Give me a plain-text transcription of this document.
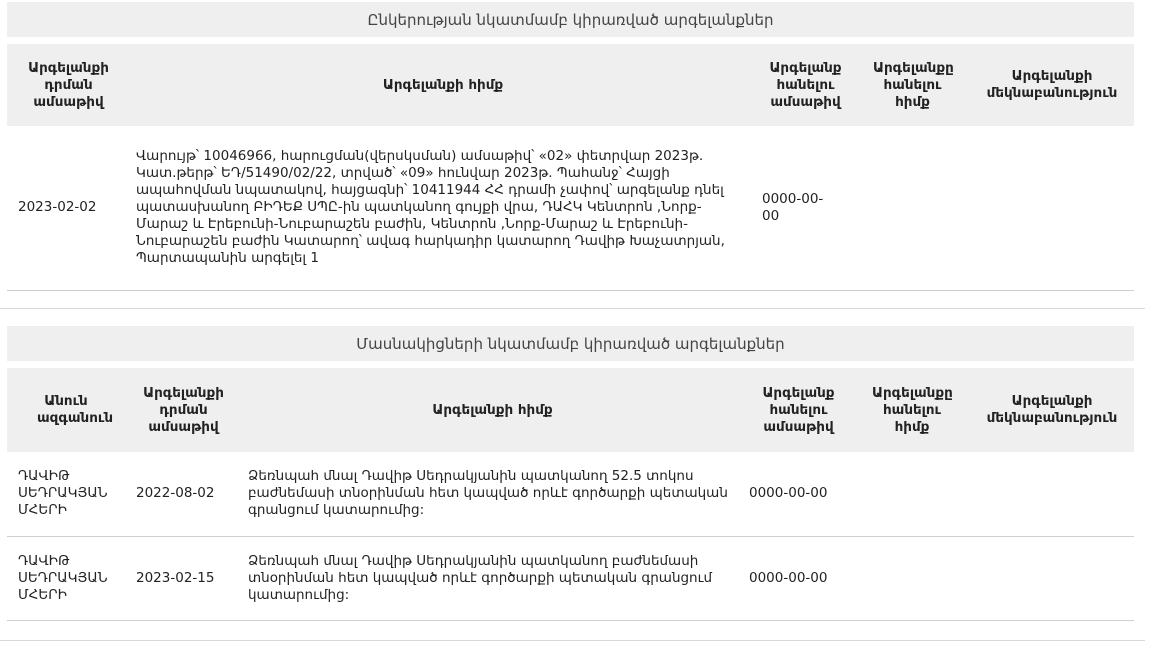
Ընկերության նկատմամբ կիրառված արգելանքներ
Արգելանքի դրման ամսաթիվ	Արգելանքի հիմք	Արգելանք հանելու ամսաթիվ	Արգելանքը հանելու հիմք	Արգելանքի մեկնաբանություն
2023-02-02	Վարույթ՝ 10046966, հարուցման(վերսկսման) ամսաթիվ՝ «02» փետրվար 2023թ. Կատ.թերթ՝ ԵԴ/51490/02/22, տրված՝ «09» հունվար 2023թ. Պահանջ՝ Հայցի ապահովման նպատակով, հայցագնի՝ 10411944 ՀՀ դրամի չափով՝ արգելանք դնել պատասխանող ԲԻԴԵՔ ՍՊԸ-ին պատկանող գույքի վրա, ԴԱՀԿ Կենտրոն ,Նորք-Մարաշ և Էրեբունի-Նուբարաշեն բաժին, Կենտրոն ,Նորք-Մարաշ և Էրեբունի-Նուբարաշեն բաժին Կատարող՝ ավագ հարկադիր կատարող Դավիթ Խաչատրյան, Պարտապանին արգելել 1	0000-00-00		
Մասնակիցների նկատմամբ կիրառված արգելանքներ
Անուն ազգանուն	Արգելանքի դրման ամսաթիվ	Արգելանքի հիմք	Արգելանք հանելու ամսաթիվ	Արգելանքը հանելու հիմք	Արգելանքի մեկնաբանություն
ԴԱՎԻԹ ՍԵԴՐԱԿՅԱՆ ՄՀԵՐԻ	2022-08-02	Ձեռնպահ մնալ Դավիթ Սեդրակյանին պատկանող 52.5 տոկոս բաժնեմասի տնօրինման հետ կապված որևէ գործարքի պետական գրանցում կատարումից:	0000-00-00		
ԴԱՎԻԹ ՍԵԴՐԱԿՅԱՆ ՄՀԵՐԻ	2023-02-15	Ձեռնպահ մնալ Դավիթ Սեդրակյանին պատկանող բաժնեմասի տնօրինման հետ կապված որևէ գործարքի պետական գրանցում կատարումից:	0000-00-00		
